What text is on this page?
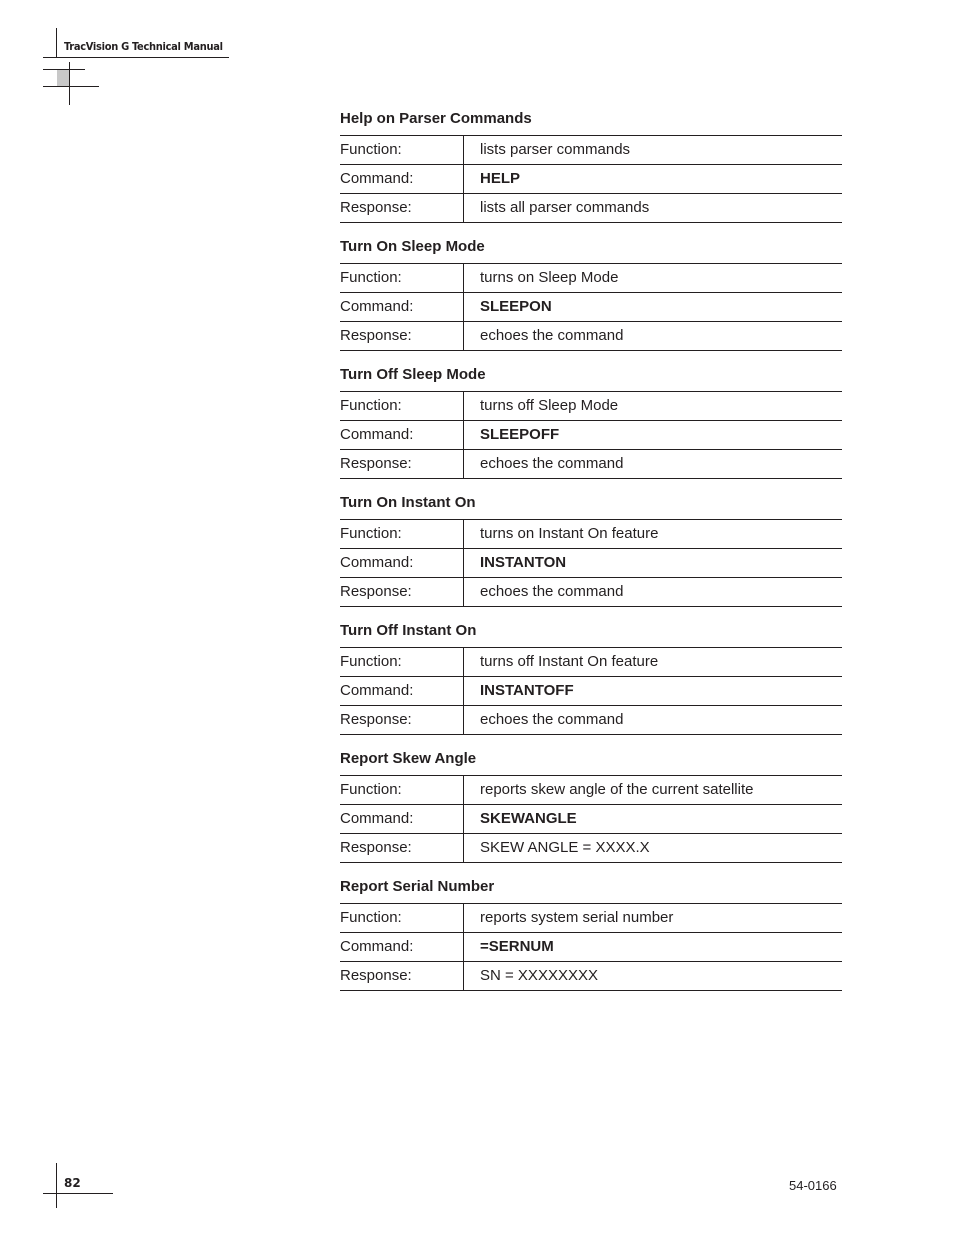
TracVision G Technical Manual
Help on Parser Commands
Function:	lists parser commands
Command:	HELP
Response:	lists all parser commands
Turn On Sleep Mode
Function:	turns on Sleep Mode
Command:	SLEEPON
Response:	echoes the command
Turn Off Sleep Mode
Function:	turns off Sleep Mode
Command:	SLEEPOFF
Response:	echoes the command
Turn On Instant On
Function:	turns on Instant On feature
Command:	INSTANTON
Response:	echoes the command
Turn Off Instant On
Function:	turns off Instant On feature
Command:	INSTANTOFF
Response:	echoes the command
Report Skew Angle
Function:	reports skew angle of the current satellite
Command:	SKEWANGLE
Response:	SKEW ANGLE = XXXX.X
Report Serial Number
Function:	reports system serial number
Command:	=SERNUM
Response:	SN = XXXXXXXX
82	54-0166
